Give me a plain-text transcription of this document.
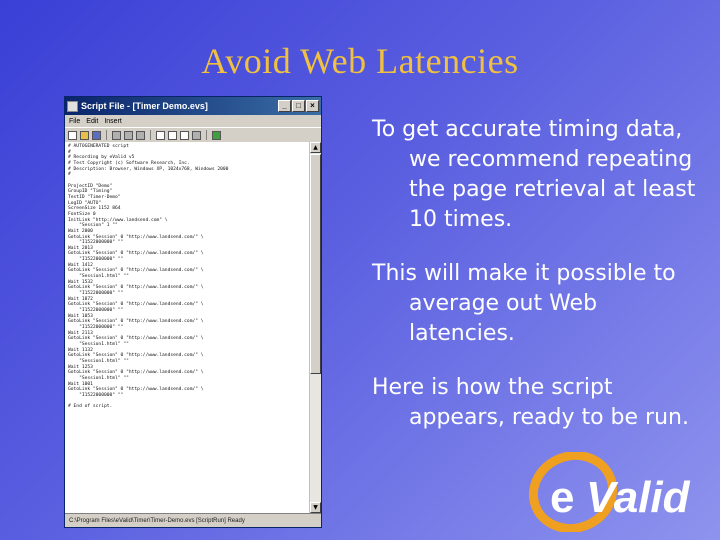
Avoid Web Latencies
Script File - [Timer Demo.evs]	_	□	×
File Edit Insert
# AUTOGENERATED script
#
# Recording by eValid v5
# Test Copyright (c) Software Research, Inc.
# Description: Browser, Windows XP, 1024x768, Windows 2000
#

ProjectID "Demo"
GroupID "Timing"
TestID "Timer-Demo"
LogID "AUTO"
ScreenSize 1152 864
FontSize 0
InitLink "http://www.landsend.com" \
"Session" 1 ""
Wait 2000
GotoLink "Session" 0 "http://www.landsend.com/" \
"I1522000000" ""
Wait 2013
GotoLink "Session" 0 "http://www.landsend.com/" \
"I1522000000" ""
Wait 1412
GotoLink "Session" 0 "http://www.landsend.com/" \
"Session1.html" ""
Wait 1532
GotoLink "Session" 0 "http://www.landsend.com/" \
"I1522000000" ""
Wait 1872
GotoLink "Session" 0 "http://www.landsend.com/" \
"I1522000000" ""
Wait 1053
GotoLink "Session" 0 "http://www.landsend.com/" \
"I1522000000" ""
Wait 2113
GotoLink "Session" 0 "http://www.landsend.com/" \
"Session1.html" ""
Wait 1132
GotoLink "Session" 0 "http://www.landsend.com/" \
"Session1.html" ""
Wait 1253
GotoLink "Session" 0 "http://www.landsend.com/" \
"Session1.html" ""
Wait 1001
GotoLink "Session" 0 "http://www.landsend.com/" \
"I1522000000" ""

# End of script.
▲
▼
C:\Program Files\eValid\Timer\Timer-Demo.evs [ScriptRun] Ready
To get accurate timing data, we recommend repeating the page retrieval at least 10 times.
This will make it possible to average out Web latencies.
Here is how the script appears, ready to be run.
e Valid
